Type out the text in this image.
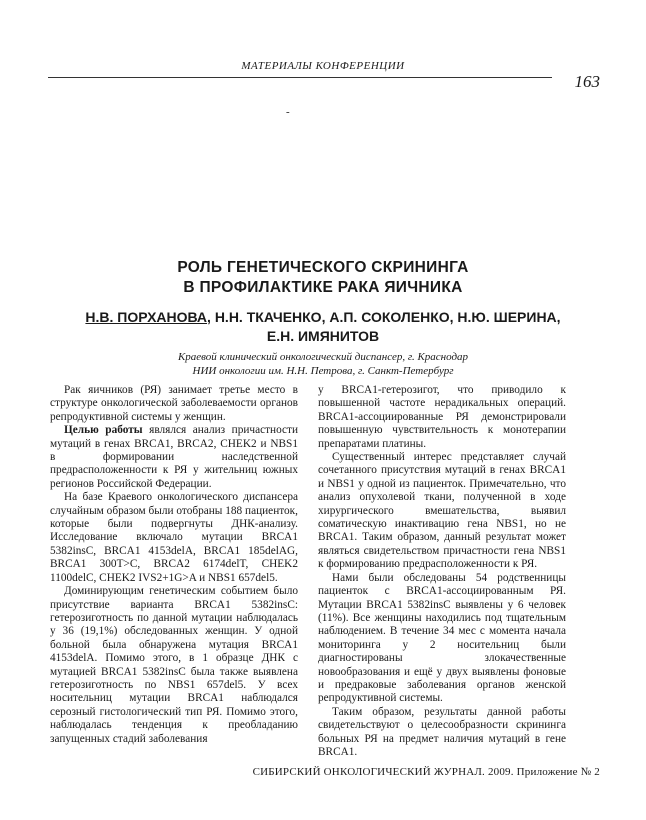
МАТЕРИАЛЫ КОНФЕРЕНЦИИ
163
-
РОЛЬ ГЕНЕТИЧЕСКОГО СКРИНИНГА
В ПРОФИЛАКТИКЕ РАКА ЯИЧНИКА
Н.В. ПОРХАНОВА, Н.Н. ТКАЧЕНКО, А.П. СОКОЛЕНКО, Н.Ю. ШЕРИНА,
Е.Н. ИМЯНИТОВ
Краевой клинический онкологический диспансер, г. Краснодар
НИИ онкологии им. Н.Н. Петрова, г. Санкт-Петербург

Рак яичников (РЯ) занимает третье место в структуре онкологической заболеваемости органов репродуктивной системы у женщин.

Целью работы являлся анализ причастности мутаций в генах BRCA1, BRCA2, CHEK2 и NBS1 в формировании наследственной предрасположенности к РЯ у жительниц южных регионов Российской Федерации.

На базе Краевого онкологического диспансера случайным образом были отобраны 188 пациенток, которые были подвергнуты ДНК-анализу. Исследование включало мутации BRCA1 5382insC, BRCA1 4153delA, BRCA1 185delAG, BRCA1 300T>C, BRCA2 6174delT, CHEK2 1100delC, CHEK2 IVS2+1G>A и NBS1 657del5.

Доминирующим генетическим событием было присутствие варианта BRCA1 5382insC: гетерозиготность по данной мутации наблюдалась у 36 (19,1%) обследованных женщин. У одной больной была обнаружена мутация BRCA1 4153delA. Помимо этого, в 1 образце ДНК с мутацией BRCA1 5382insC была также выявлена гетерозиготность по NBS1 657del5. У всех носительниц мутации BRCA1 наблюдался серозный гистологический тип РЯ. Помимо этого, наблюдалась тенденция к преобладанию запущенных стадий заболевания

у BRCA1-гетерозигот, что приводило к повышенной частоте нерадикальных операций. BRCA1-ассоциированные РЯ демонстрировали повышенную чувствительность к монотерапии препаратами платины.

Существенный интерес представляет случай сочетанного присутствия мутаций в генах BRCA1 и NBS1 у одной из пациенток. Примечательно, что анализ опухолевой ткани, полученной в ходе хирургического вмешательства, выявил соматическую инактивацию гена NBS1, но не BRCA1. Таким образом, данный результат может являться свидетельством причастности гена NBS1 к формированию предрасположенности к РЯ.

Нами были обследованы 54 родственницы пациенток с BRCA1-ассоциированным РЯ. Мутации BRCA1 5382insC выявлены у 6 человек (11%). Все женщины находились под тщательным наблюдением. В течение 34 мес с момента начала мониторинга у 2 носительниц были диагностированы злокачественные новообразования и ещё у двух выявлены фоновые и предраковые заболевания органов женской репродуктивной системы.

Таким образом, результаты данной работы свидетельствуют о целесообразности скрининга больных РЯ на предмет наличия мутаций в гене BRCA1.

СИБИРСКИЙ ОНКОЛОГИЧЕСКИЙ ЖУРНАЛ. 2009. Приложение № 2
